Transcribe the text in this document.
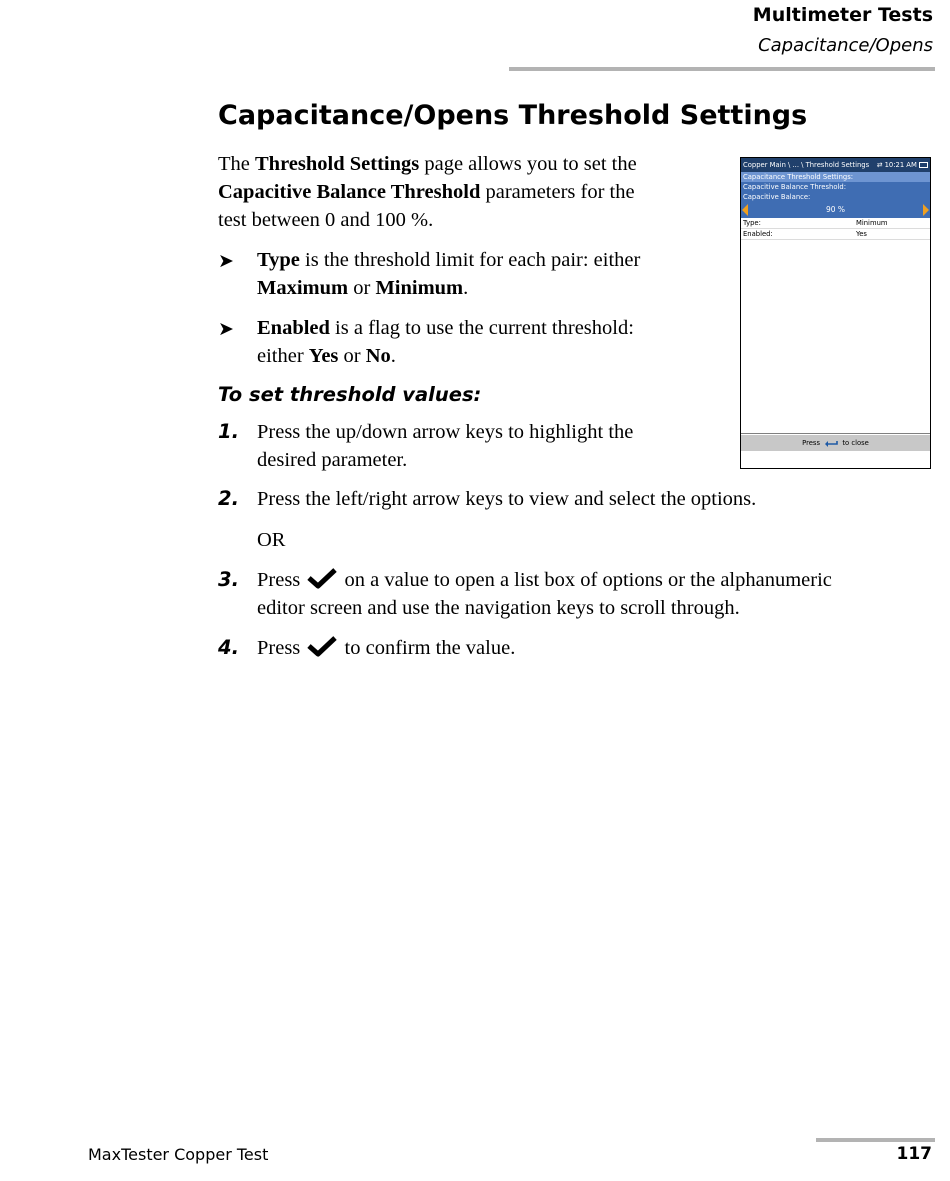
Multimeter Tests
Capacitance/Opens
Capacitance/Opens Threshold Settings
The Threshold Settings page allows you to set the
Capacitive Balance Threshold parameters for the
test between 0 and 100 %.
➤ Type is the threshold limit for each pair: either
Maximum or Minimum.
➤ Enabled is a flag to use the current threshold:
either Yes or No.
To set threshold values:
1. Press the up/down arrow keys to highlight the
desired parameter.
2. Press the left/right arrow keys to view and select the options.
OR
3. Press  on a value to open a list box of options or the alphanumeric
editor screen and use the navigation keys to scroll through.
4. Press  to confirm the value.
Copper Main \ ... \ Threshold Settings ⇄ 10:21 AM
Capacitance Threshold Settings:
Capacitive Balance Threshold:
Capacitive Balance:
90 %
Type:	Minimum
Enabled:	Yes
Press	to close
MaxTester Copper Test	117
